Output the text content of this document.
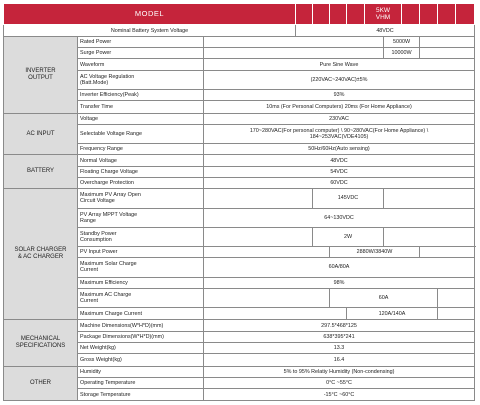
MODEL							5KW
VHM					
Nominal Battery System Voltage			48VDC									

INVERTER
OUTPUT	Rated Power							5000W				
	Surge Power							10000W				
	Waveform	Pure Sine Wave										

	AC Voltage Regulation
(Batt.Mode)	(220VAC~240VAC)±5%										
	Inverter Efficiency(Peak)	93%										
	Transfer Time	10ms (For Personal Computers) 20ms (For Home Appliance)										
AC INPUT	Voltage	230VAC										
	Selectable Voltage Range	170~280VAC(For personal computer) \ 90~280VAC(For Home Appliance) \
184~253VAC(VDE4105)										

	Frequency Range	50Hz/60Hz(Auto sensing)										
BATTERY	Normal Voltage	48VDC										
	Floating Charge Voltage	54VDC										
	Overcharge Protection	60VDC										

SOLAR CHARGER
& AC CHARGER	Maximum PV Array Open
Circuit Voltage			145VDC								

	PV Array MPPT Voltage
Range	64~130VDC										

	Standby Power
Consumption			2W								
	PV Input Power				2880W/3840W							

	Maximum Solar Charge
Current	60A/80A										
	Maximum Efficiency	98%										

	Maximum AC Charge
Current				60A							
	Maximum Charge Current					120A/140A						

MECHANICAL
SPECIFICATIONS	Machine Dimensions(W*H*D)(mm)	297.5*468*125										
	Package Dimensions(W*H*D)(mm)	638*395*241										
	Net Weight(kg)	13.3										
	Gross Weight(kg)	16.4										
OTHER	Humidity	5% to 95% Relatiy Humidity (Non-condensing)										
	Operating Temperature	0°C ~55°C										
	Storage Temperature	-15°C ~60°C										
